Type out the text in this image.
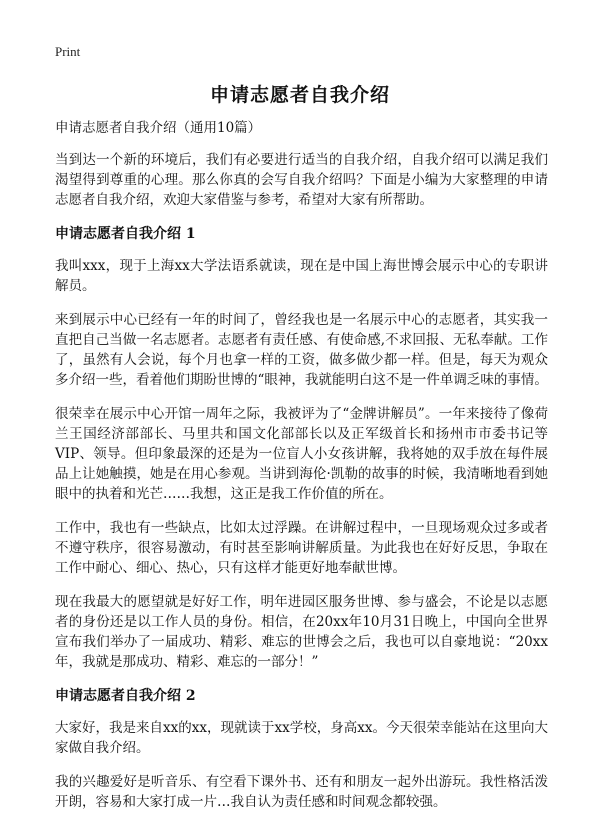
Print
申请志愿者自我介绍

申请志愿者自我介绍（通用10篇）

当到达一个新的环境后，我们有必要进行适当的自我介绍，自我介绍可以满足我们渴望得到尊重的心理。那么你真的会写自我介绍吗？下面是小编为大家整理的申请志愿者自我介绍，欢迎大家借鉴与参考，希望对大家有所帮助。

申请志愿者自我介绍 1

我叫xxx，现于上海xx大学法语系就读，现在是中国上海世博会展示中心的专职讲解员。

来到展示中心已经有一年的时间了，曾经我也是一名展示中心的志愿者，其实我一直把自己当做一名志愿者。志愿者有责任感、有使命感,不求回报、无私奉献。工作了，虽然有人会说，每个月也拿一样的工资，做多做少都一样。但是，每天为观众多介绍一些，看着他们期盼世博的“眼神，我就能明白这不是一件单调乏味的事情。

很荣幸在展示中心开馆一周年之际，我被评为了“金牌讲解员”。一年来接待了像荷兰王国经济部部长、马里共和国文化部部长以及正军级首长和扬州市市委书记等VIP、领导。但印象最深的还是为一位盲人小女孩讲解，我将她的双手放在每件展品上让她触摸，她是在用心参观。当讲到海伦·凯勒的故事的时候，我清晰地看到她眼中的执着和光芒……我想，这正是我工作价值的所在。

工作中，我也有一些缺点，比如太过浮躁。在讲解过程中，一旦现场观众过多或者不遵守秩序，很容易激动，有时甚至影响讲解质量。为此我也在好好反思，争取在工作中耐心、细心、热心，只有这样才能更好地奉献世博。

现在我最大的愿望就是好好工作，明年进园区服务世博、参与盛会，不论是以志愿者的身份还是以工作人员的身份。相信，在20xx年10月31日晚上，中国向全世界宣布我们举办了一届成功、精彩、难忘的世博会之后，我也可以自豪地说：“20xx年，我就是那成功、精彩、难忘的一部分！”

申请志愿者自我介绍 2

大家好，我是来自xx的xx，现就读于xx学校，身高xx。今天很荣幸能站在这里向大家做自我介绍。

我的兴趣爱好是听音乐、有空看下课外书、还有和朋友一起外出游玩。我性格活泼开朗，容易和大家打成一片…我自认为责任感和时间观念都较强。
